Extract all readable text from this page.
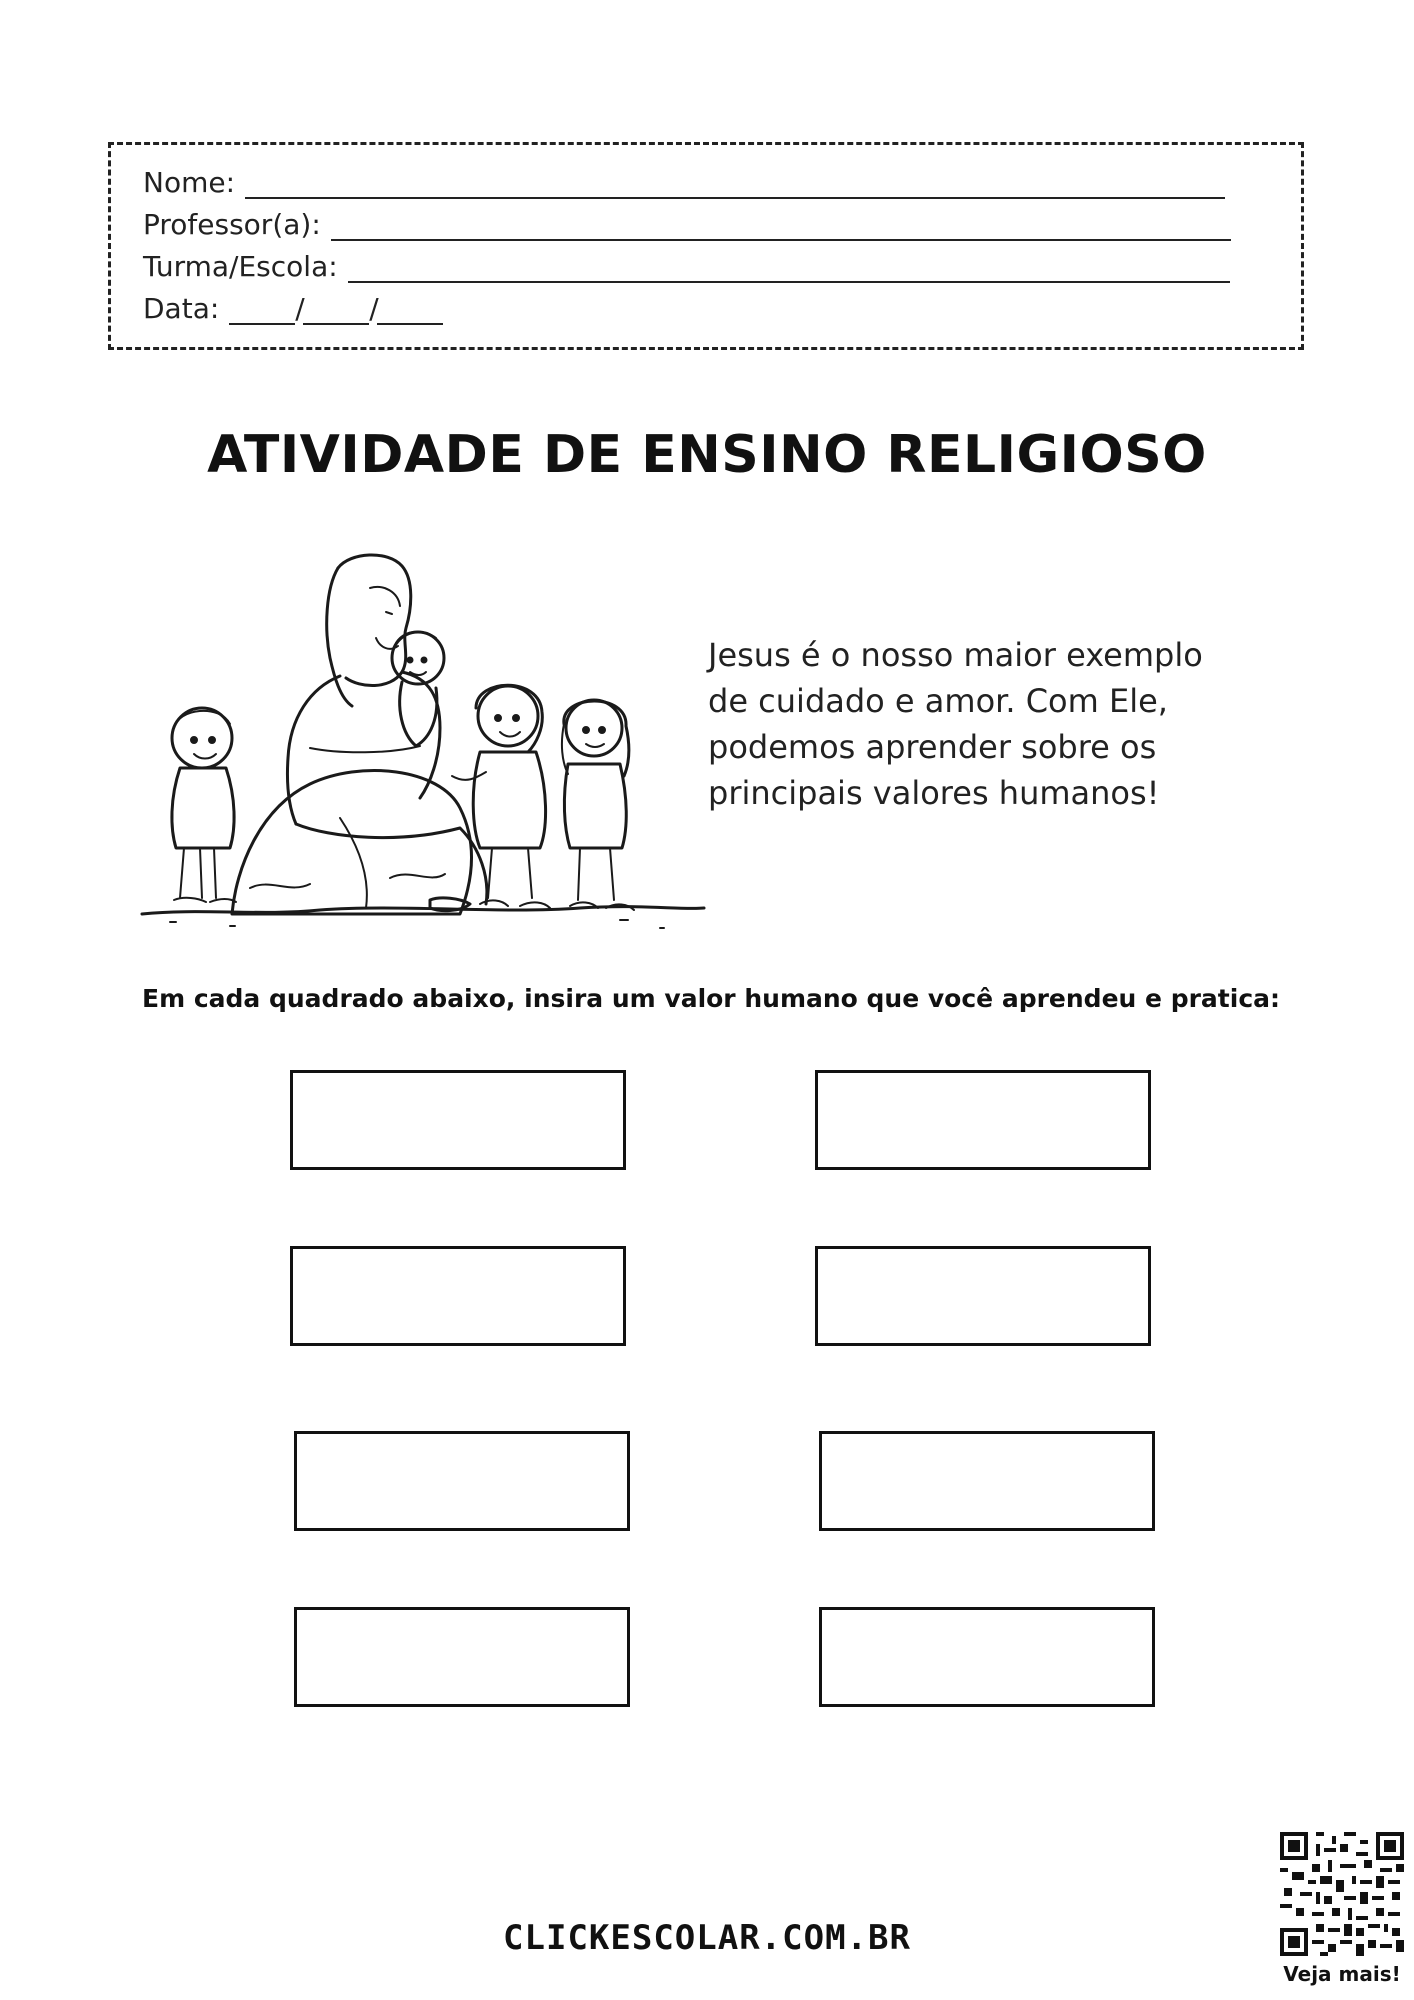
Nome:
Professor(a):
Turma/Escola:
Data:	/ /
ATIVIDADE DE ENSINO RELIGIOSO
Jesus é o nosso maior exemplo
de cuidado e amor. Com Ele,
podemos aprender sobre os
principais valores humanos!
Em cada quadrado abaixo, insira um valor humano que você aprendeu e pratica:
CLICKESCOLAR.COM.BR
Veja mais!
